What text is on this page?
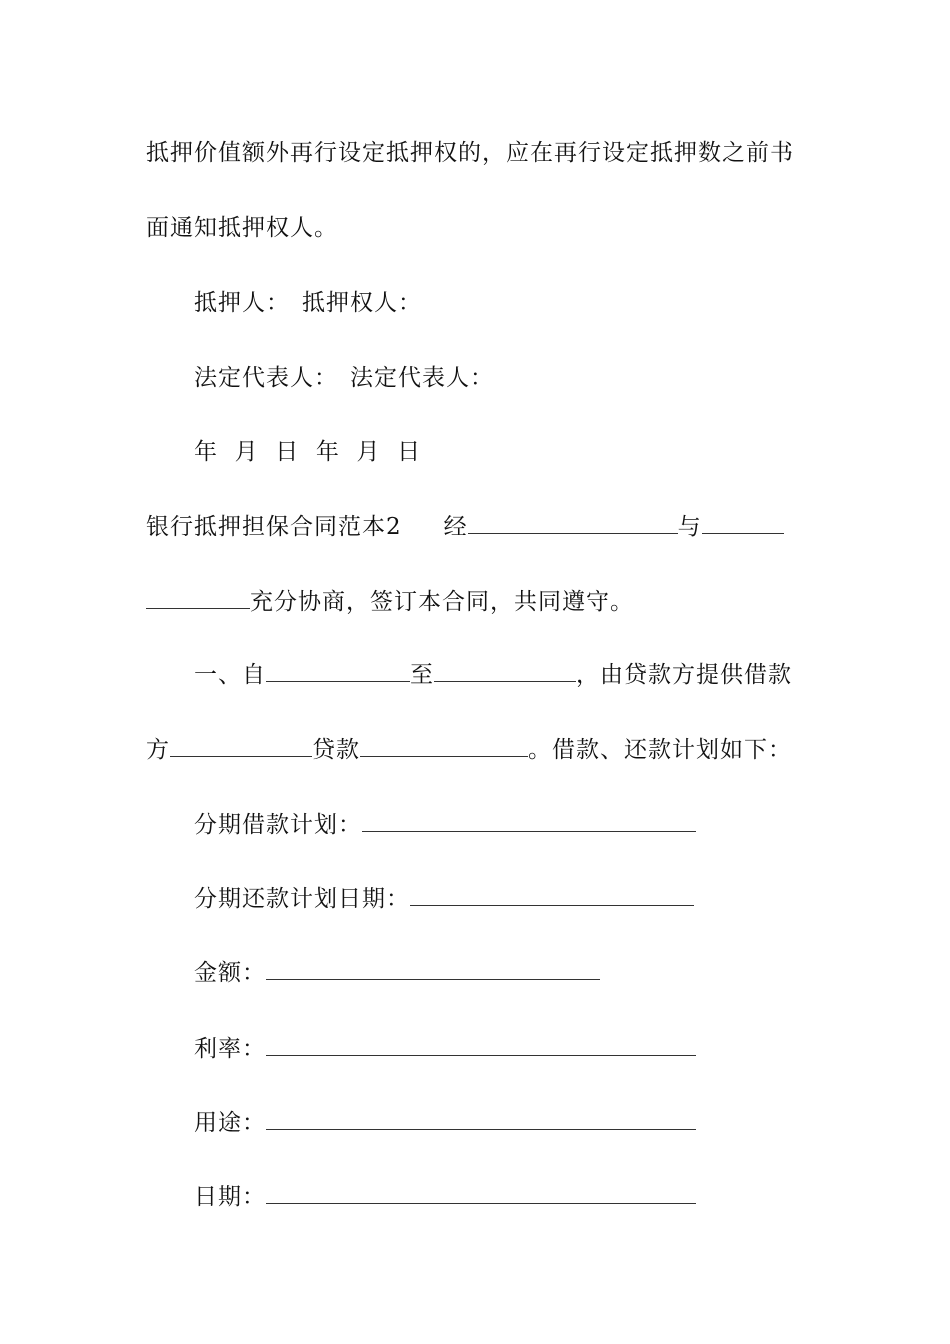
抵押价值额外再行设定抵押权的，应在再行设定抵押数之前书
面通知抵押权人。
抵押人： 抵押权人：
法定代表人： 法定代表人：
年  月  日  年  月  日
银行抵押担保合同范本2 经	与
充分协商，签订本合同，共同遵守。
一、自	至	，由贷款方提供借款
方	贷款	。借款、还款计划如下：
分期借款计划：
分期还款计划日期：
金额：
利率：
用途：
日期：
